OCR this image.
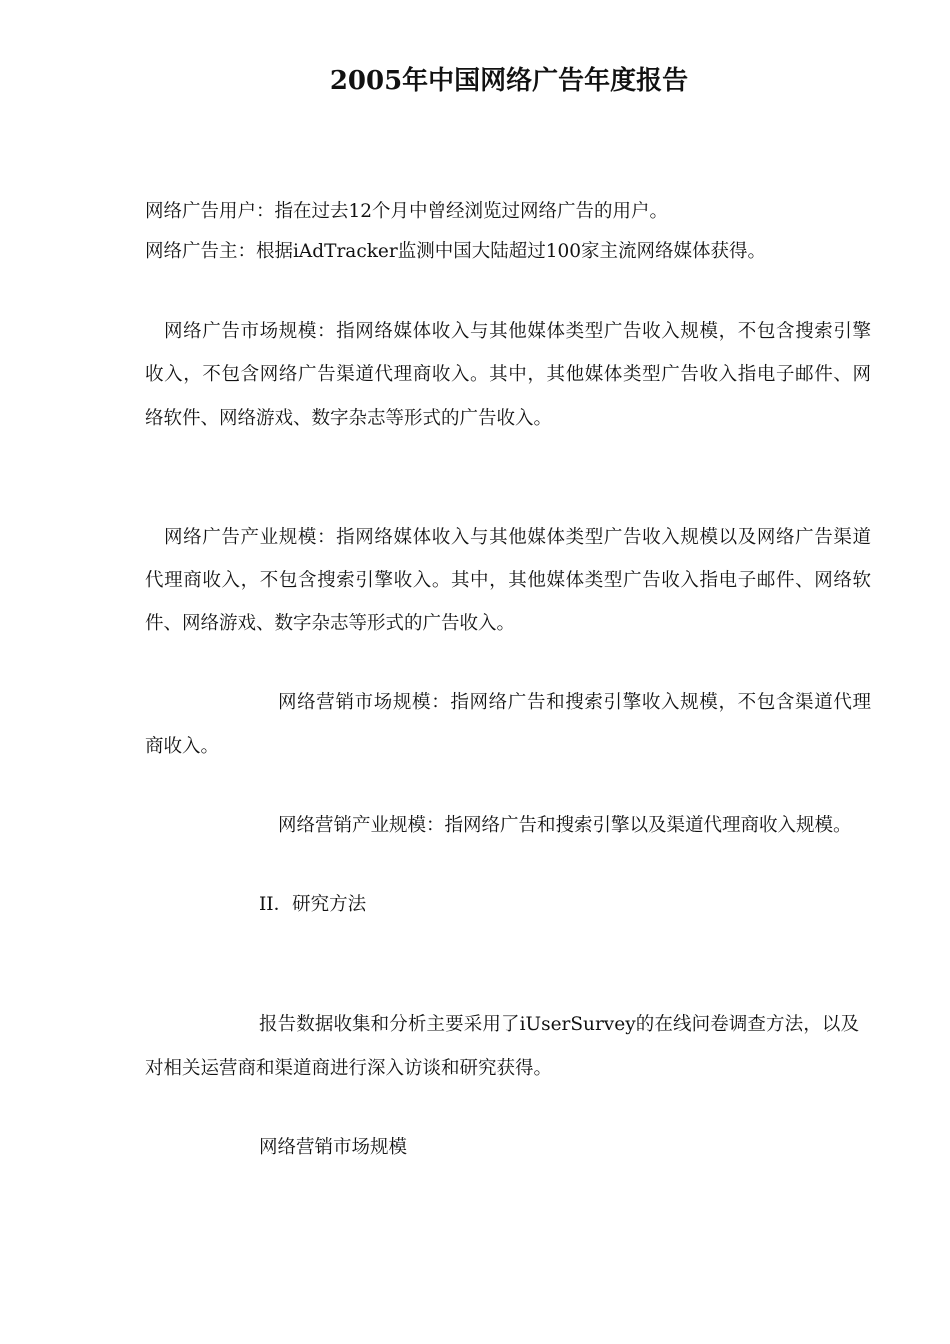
2005年中国网络广告年度报告
网络广告用户：指在过去12个月中曾经浏览过网络广告的用户。
网络广告主：根据iAdTracker监测中国大陆超过100家主流网络媒体获得。
网络广告市场规模：指网络媒体收入与其他媒体类型广告收入规模，不包含搜索引擎
收入，不包含网络广告渠道代理商收入。其中，其他媒体类型广告收入指电子邮件、网
络软件、网络游戏、数字杂志等形式的广告收入。
网络广告产业规模：指网络媒体收入与其他媒体类型广告收入规模以及网络广告渠道
代理商收入，不包含搜索引擎收入。其中，其他媒体类型广告收入指电子邮件、网络软
件、网络游戏、数字杂志等形式的广告收入。
网络营销市场规模：指网络广告和搜索引擎收入规模，不包含渠道代理
商收入。
网络营销产业规模：指网络广告和搜索引擎以及渠道代理商收入规模。
II．研究方法
报告数据收集和分析主要采用了iUserSurvey的在线问卷调查方法，以及
对相关运营商和渠道商进行深入访谈和研究获得。
网络营销市场规模
